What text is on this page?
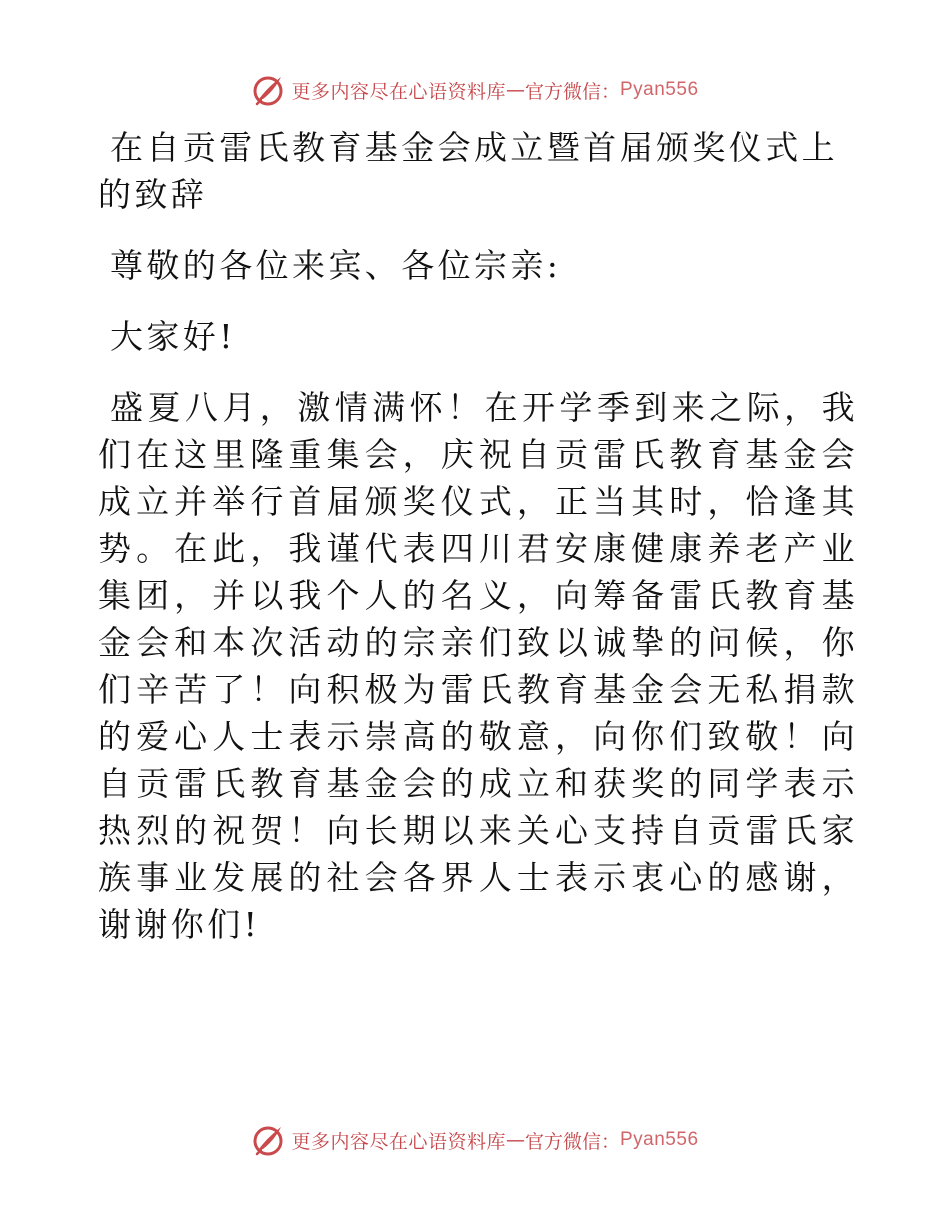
更多内容尽在心语资料库 — 官方微信： Pyan556

在自贡雷氏教育基金会成立暨首届颁奖仪式上的致辞

尊敬的各位来宾、各位宗亲:

大家好!

盛夏八月，激情满怀！在开学季到来之际，我们在这里隆重集会，庆祝自贡雷氏教育基金会成立并举行首届颁奖仪式，正当其时，恰逢其势。在此，我谨代表四川君安康健康养老产业集团，并以我个人的名义，向筹备雷氏教育基金会和本次活动的宗亲们致以诚挚的问候，你们辛苦了！向积极为雷氏教育基金会无私捐款的爱心人士表示崇高的敬意，向你们致敬！向自贡雷氏教育基金会的成立和获奖的同学表示热烈的祝贺！向长期以来关心支持自贡雷氏家族事业发展的社会各界人士表示衷心的感谢，谢谢你们!

更多内容尽在心语资料库 — 官方微信： Pyan556
